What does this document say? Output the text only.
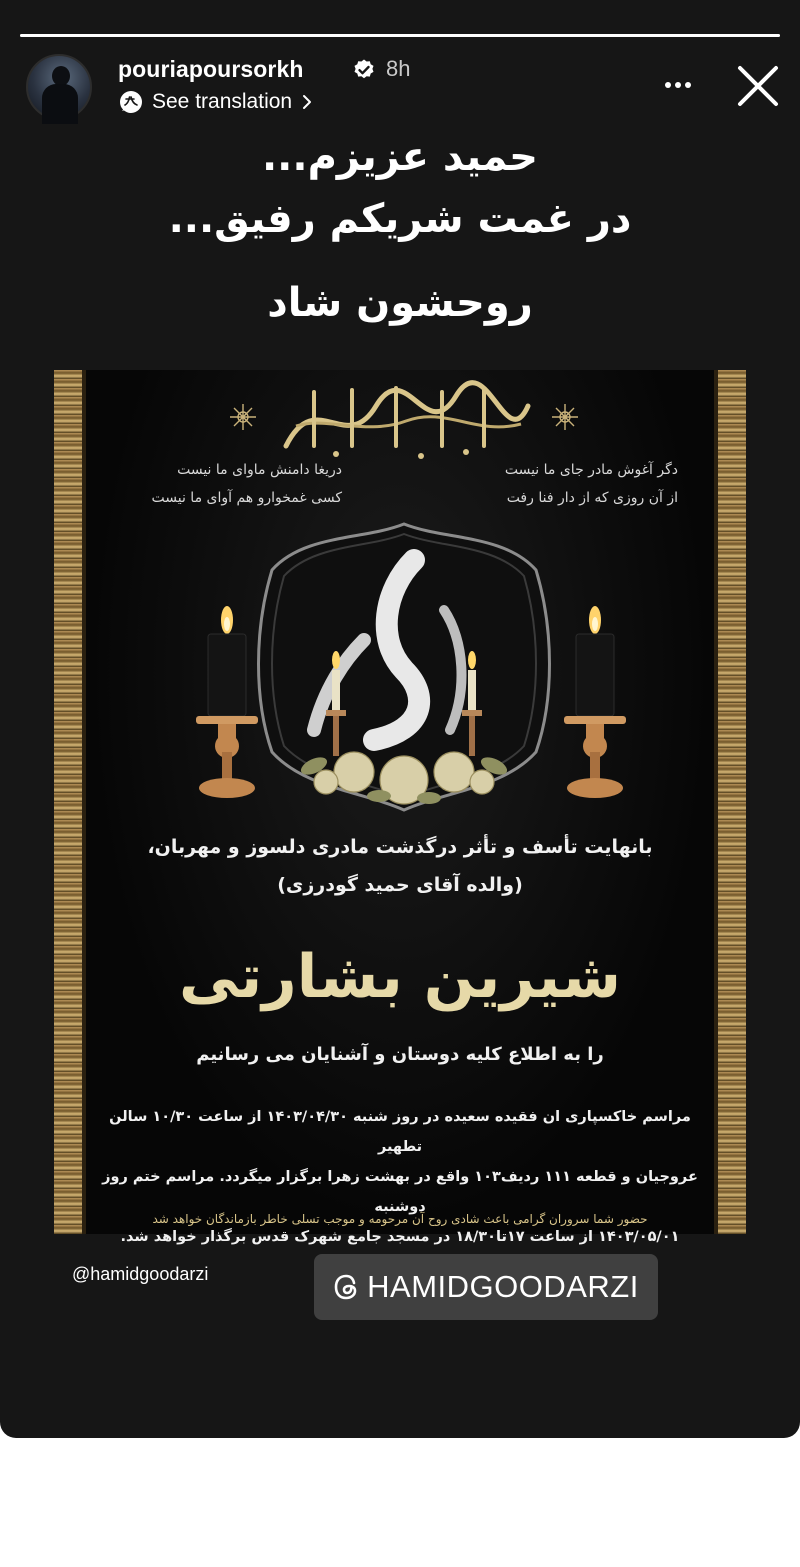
pouriapoursorkh	8h
See translation
حمید عزیزم...
در غمت شریکم رفیق...
روحشون شاد
دگر آغوش مادر جای ما نیست
از آن روزی که از دار فنا رفت
دریغا دامنش ماوای ما نیست
کسی غمخوارو هم آوای ما نیست
بانهایت تأسف و تأثر درگذشت مادری دلسوز و مهربان،
(والده آقای حمید گودرزی)
شیرین بشارتی
را به اطلاع کلیه دوستان و آشنایان می رسانیم
مراسم خاکسپاری ان فقیده سعیده در روز شنبه ۱۴۰۳/۰۴/۳۰ از ساعت ۱۰/۳۰ سالن تطهیر
عروجیان و قطعه ۱۱۱ ردیف۱۰۳ واقع در بهشت زهرا برگزار میگردد. مراسم ختم روز دوشنبه
۱۴۰۳/۰۵/۰۱ از ساعت ۱۷تا۱۸/۳۰ در مسجد جامع شهرک قدس برگذار خواهد شد.
حضور شما سروران گرامی باعث شادی روح آن مرحومه و موجب تسلی خاطر بازماندگان خواهد شد
@hamidgoodarzi	HAMIDGOODARZI
